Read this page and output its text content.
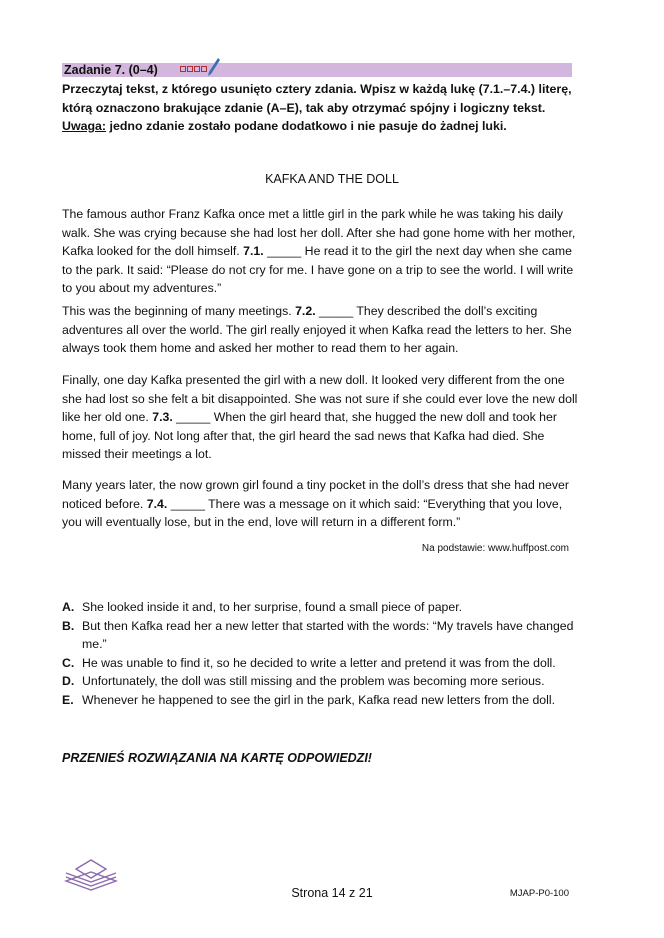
Zadanie 7. (0–4)
Przeczytaj tekst, z którego usunięto cztery zdania. Wpisz w każdą lukę (7.1.–7.4.) literę, którą oznaczono brakujące zdanie (A–E), tak aby otrzymać spójny i logiczny tekst.
Uwaga: jedno zdanie zostało podane dodatkowo i nie pasuje do żadnej luki.
KAFKA AND THE DOLL
The famous author Franz Kafka once met a little girl in the park while he was taking his daily walk. She was crying because she had lost her doll. After she had gone home with her mother, Kafka looked for the doll himself. 7.1. _____ He read it to the girl the next day when she came to the park. It said: “Please do not cry for me. I have gone on a trip to see the world. I will write to you about my adventures.”
This was the beginning of many meetings. 7.2. _____ They described the doll’s exciting adventures all over the world. The girl really enjoyed it when Kafka read the letters to her. She always took them home and asked her mother to read them to her again.
Finally, one day Kafka presented the girl with a new doll. It looked very different from the one she had lost so she felt a bit disappointed. She was not sure if she could ever love the new doll like her old one. 7.3. _____ When the girl heard that, she hugged the new doll and took her home, full of joy. Not long after that, the girl heard the sad news that Kafka had died. She missed their meetings a lot.
Many years later, the now grown girl found a tiny pocket in the doll’s dress that she had never noticed before. 7.4. _____ There was a message on it which said: “Everything that you love, you will eventually lose, but in the end, love will return in a different form.”
Na podstawie: www.huffpost.com
A. She looked inside it and, to her surprise, found a small piece of paper.
B. But then Kafka read her a new letter that started with the words: “My travels have changed me.”
C. He was unable to find it, so he decided to write a letter and pretend it was from the doll.
D. Unfortunately, the doll was still missing and the problem was becoming more serious.
E. Whenever he happened to see the girl in the park, Kafka read new letters from the doll.
PRZENIEŚ ROZWIĄZANIA NA KARTĘ ODPOWIEDZI!
Strona 14 z 21	MJAP-P0-100
